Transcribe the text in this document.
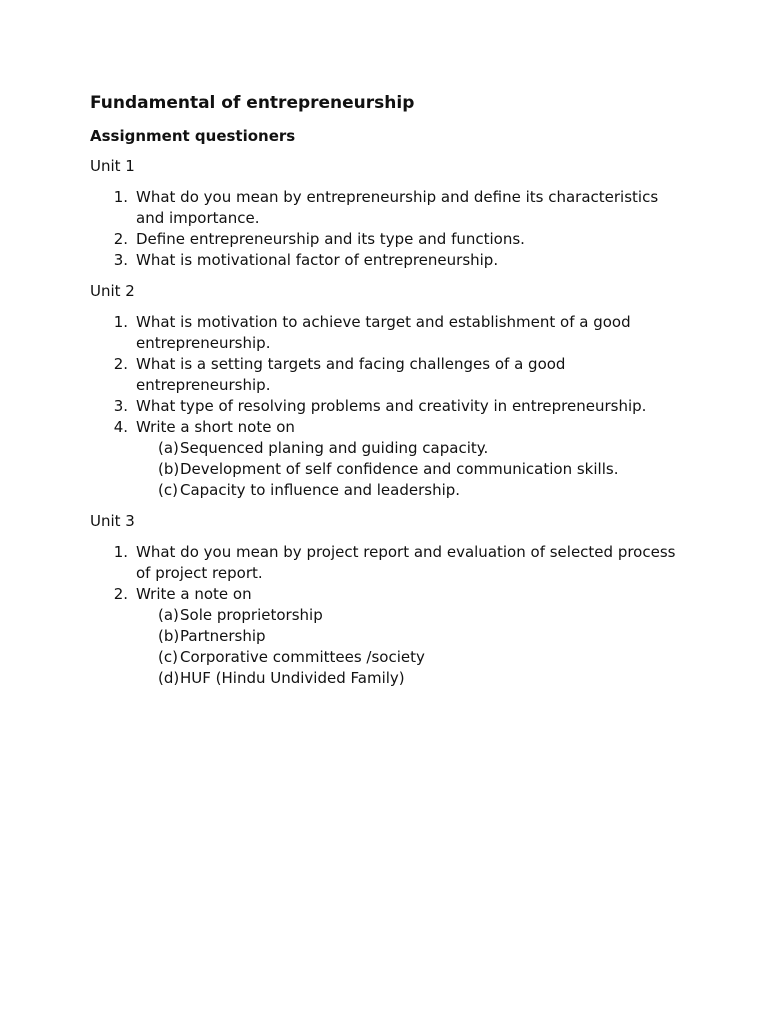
Fundamental of entrepreneurship
Assignment questioners
Unit 1
1. What do you mean by entrepreneurship and define its characteristics and importance.
2. Define entrepreneurship and its type and functions.
3. What is motivational factor of entrepreneurship.
Unit 2
1. What is motivation to achieve target and establishment of a good entrepreneurship.
2. What is a setting targets and facing challenges of a good entrepreneurship.
3. What type of resolving problems and creativity in entrepreneurship.
4. Write a short note on
(a) Sequenced planing and guiding capacity.
(b) Development of self confidence and communication skills.
(c) Capacity to influence and leadership.
Unit 3
1. What do you mean by project report and evaluation of selected process of project report.
2. Write a note on
(a) Sole proprietorship
(b) Partnership
(c) Corporative committees /society
(d) HUF (Hindu Undivided Family)
